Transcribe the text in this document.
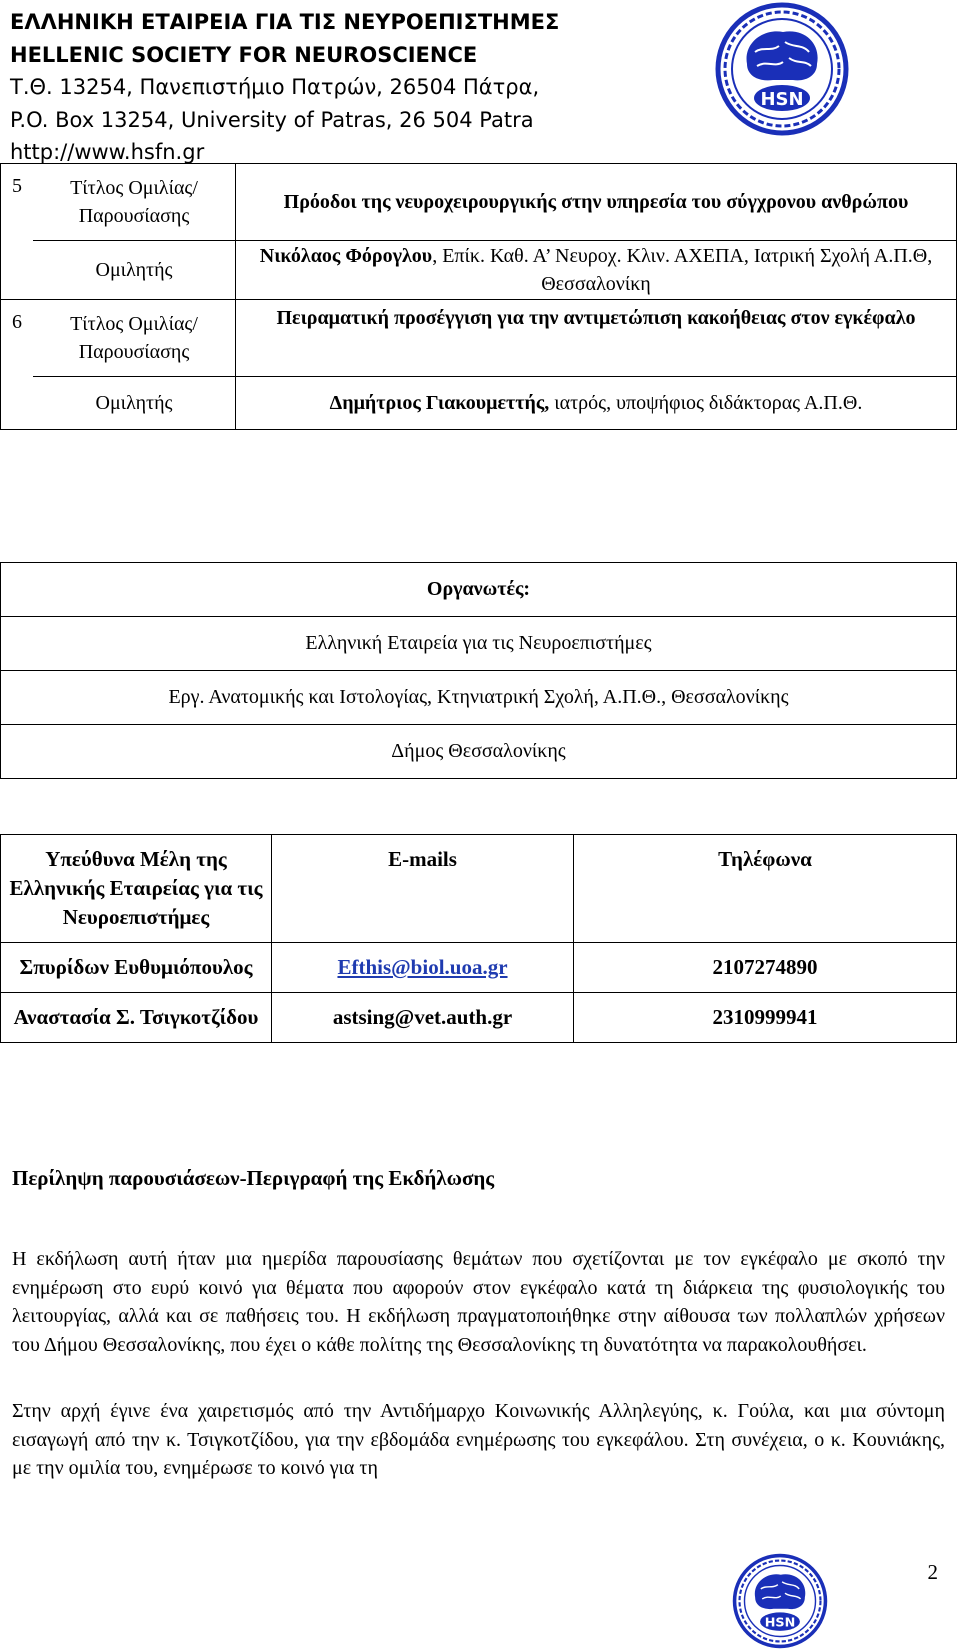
ΕΛΛΗΝΙΚΗ ΕΤΑΙΡΕΙΑ ΓΙΑ ΤΙΣ ΝΕΥΡΟΕΠΙΣΤΗΜΕΣ
HELLENIC SOCIETY FOR NEUROSCIENCE
Τ.Θ. 13254, Πανεπιστήμιο Πατρών, 26504 Πάτρα,
P.O. Box 13254, University of Patras, 26 504 Patra
http://www.hsfn.gr
HSN
5	Τίτλος Ομιλίας/ Παρουσίασης	Πρόοδοι της νευροχειρουργικής στην υπηρεσία του σύγχρονου ανθρώπου
	Ομιλητής	Νικόλαος Φόρογλου, Επίκ. Καθ. Α’ Νευροχ. Κλιν. ΑΧΕΠΑ, Ιατρική Σχολή Α.Π.Θ, Θεσσαλονίκη
6	Τίτλος Ομιλίας/ Παρουσίασης	Πειραματική προσέγγιση για την αντιμετώπιση κακοήθειας στον εγκέφαλο
	Ομιλητής	Δημήτριος Γιακουμεττής, ιατρός, υποψήφιος διδάκτορας Α.Π.Θ.
Οργανωτές:
Ελληνική Εταιρεία για τις Νευροεπιστήμες
Εργ. Ανατομικής και Ιστολογίας, Κτηνιατρική Σχολή, Α.Π.Θ., Θεσσαλονίκης
Δήμος Θεσσαλονίκης
Υπεύθυνα Μέλη της Ελληνικής Εταιρείας για τις Νευροεπιστήμες	E-mails	Τηλέφωνα
Σπυρίδων Ευθυμιόπουλος	Efthis@biol.uoa.gr	2107274890
Αναστασία Σ. Τσιγκοτζίδου	astsing@vet.auth.gr	2310999941
Περίληψη παρουσιάσεων-Περιγραφή της Εκδήλωσης
Η εκδήλωση αυτή ήταν μια ημερίδα παρουσίασης θεμάτων που σχετίζονται με τον εγκέφαλο με σκοπό την ενημέρωση στο ευρύ κοινό για θέματα που αφορούν στον εγκέφαλο κατά τη διάρκεια της φυσιολογικής του λειτουργίας, αλλά και σε παθήσεις του. Η εκδήλωση πραγματοποιήθηκε στην αίθουσα των πολλαπλών χρήσεων του Δήμου Θεσσαλονίκης, που έχει ο κάθε πολίτης της Θεσσαλονίκης τη δυνατότητα να παρακολουθήσει.
Στην αρχή έγινε ένα χαιρετισμός από την Αντιδήμαρχο Κοινωνικής Αλληλεγύης, κ. Γούλα, και μια σύντομη εισαγωγή από την κ. Τσιγκοτζίδου, για την εβδομάδα ενημέρωσης του εγκεφάλου. Στη συνέχεια, ο κ. Κουνιάκης, με την ομιλία του, ενημέρωσε το κοινό για τη
2
HSN
